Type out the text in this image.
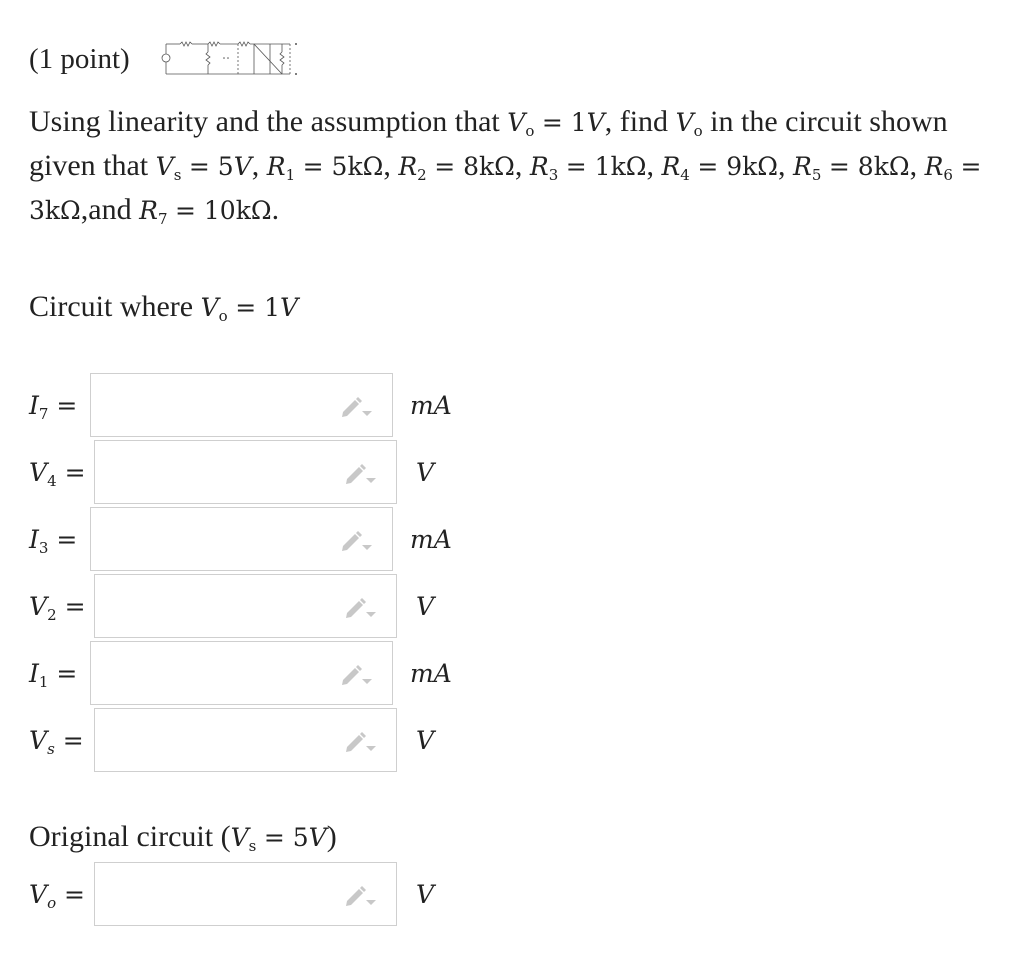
(1 point)
Using linearity and the assumption that $V_o = 1V$, find $V_o$ in the circuit shown given that $V_s = 5V$, $R_1 = 5k\Omega$, $R_2 = 8k\Omega$, $R_3 = 1k\Omega$, $R_4 = 9k\Omega$, $R_5 = 8k\Omega$, $R_6 = 3k\Omega,and$ $R_7 = 10k\Omega$.
Circuit where $V_o = 1V$
$I_7$ =	mA
$V_4$ =	V
$I_3$ =	mA
$V_2$ =	V
$I_1$ =	mA
$V_s$ =	V
Original circuit $(V_s = 5V)$
$V_o$ =	V
